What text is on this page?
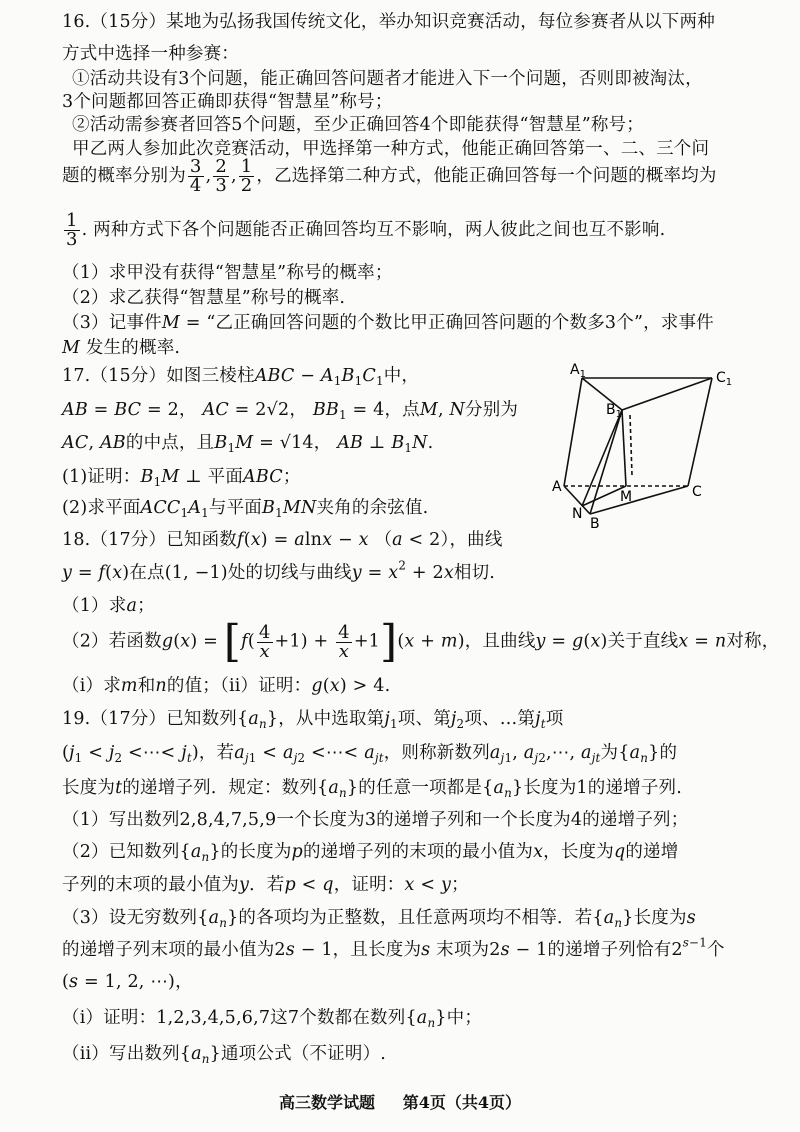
16.（15分）某地为弘扬我国传统文化，举办知识竞赛活动，每位参赛者从以下两种
方式中选择一种参赛：
①活动共设有3个问题，能正确回答问题者才能进入下一个问题，否则即被淘汰，
3个问题都回答正确即获得“智慧星”称号；
②活动需参赛者回答5个问题，至少正确回答4个即能获得“智慧星”称号；
甲乙两人参加此次竞赛活动，甲选择第一种方式，他能正确回答第一、二、三个问
题的概率分别为 $\frac{3}{4}$ , $\frac{2}{3}$ , $\frac{1}{2}$ ，乙选择第二种方式，他能正确回答每一个问题的概率均为
$\frac{1}{3}$ . 两种方式下各个问题能否正确回答均互不影响，两人彼此之间也互不影响.
（1）求甲没有获得“智慧星”称号的概率；
（2）求乙获得“智慧星”称号的概率.
（3）记事件M = “乙正确回答问题的个数比甲正确回答问题的个数多3个”，求事件
M 发生的概率.
17.（15分）如图三棱柱ABC − $A_1B_1C_1$中，
AB = BC = 2， AC = 2√2， $BB_1 = 4$，点M, N分别为
AC, AB的中点，且$B_1M = √14$， AB ⊥ $B_1N$.
(1)证明：$B_1M$ ⊥ 平面ABC；
(2)求平面$ACC_1A_1$与平面$B_1MN$夹角的余弦值.
$A_1$	$C_1$
$B_1$
A	C
M
N
B
18.（17分）已知函数f(x) = alnx − x （a < 2），曲线
y = f(x)在点(1, −1)处的切线与曲线$y = x^2 + 2x$相切.
（1）求a；
（2）若函数$g(x) = [f( \frac{4}{x} +1) + \frac{4}{x} +1](x + m)$，且曲线y = g(x)关于直线x = n对称，
（i）求m和n的值；（ii）证明：g(x) > 4.
19.（17分）已知数列$\{a_n\}$，从中选取第$j_1$项、第$j_2$项、…第$j_t$项
($j_1 < j_2$ <⋯< $j_t$)，若$a_{j1} < a_{j2}$ <⋯< $a_{jt}$，则称新数列$a_{j1}$, $a_{j2},\cdots$, $a_{jt}$为$\{a_n\}$的
长度为t的递增子列．规定：数列$\{a_n\}$的任意一项都是$\{a_n\}$长度为1的递增子列.
（1）写出数列2,8,4,7,5,9一个长度为3的递增子列和一个长度为4的递增子列；
（2）已知数列$\{a_n\}$的长度为p的递增子列的末项的最小值为x，长度为q的递增
子列的末项的最小值为y．若p < q，证明：x < y；
（3）设无穷数列$\{a_n\}$的各项均为正整数，且任意两项均不相等．若$\{a_n\}$长度为s
的递增子列末项的最小值为2s − 1，且长度为s 末项为2s − 1的递增子列恰有$2^{s-1}$个
(s = 1, 2, ⋯)，
（i）证明：1,2,3,4,5,6,7这7个数都在数列$\{a_n\}$中；
（ii）写出数列$\{a_n\}$通项公式（不证明）.
高三数学试题     第4页（共4页）
